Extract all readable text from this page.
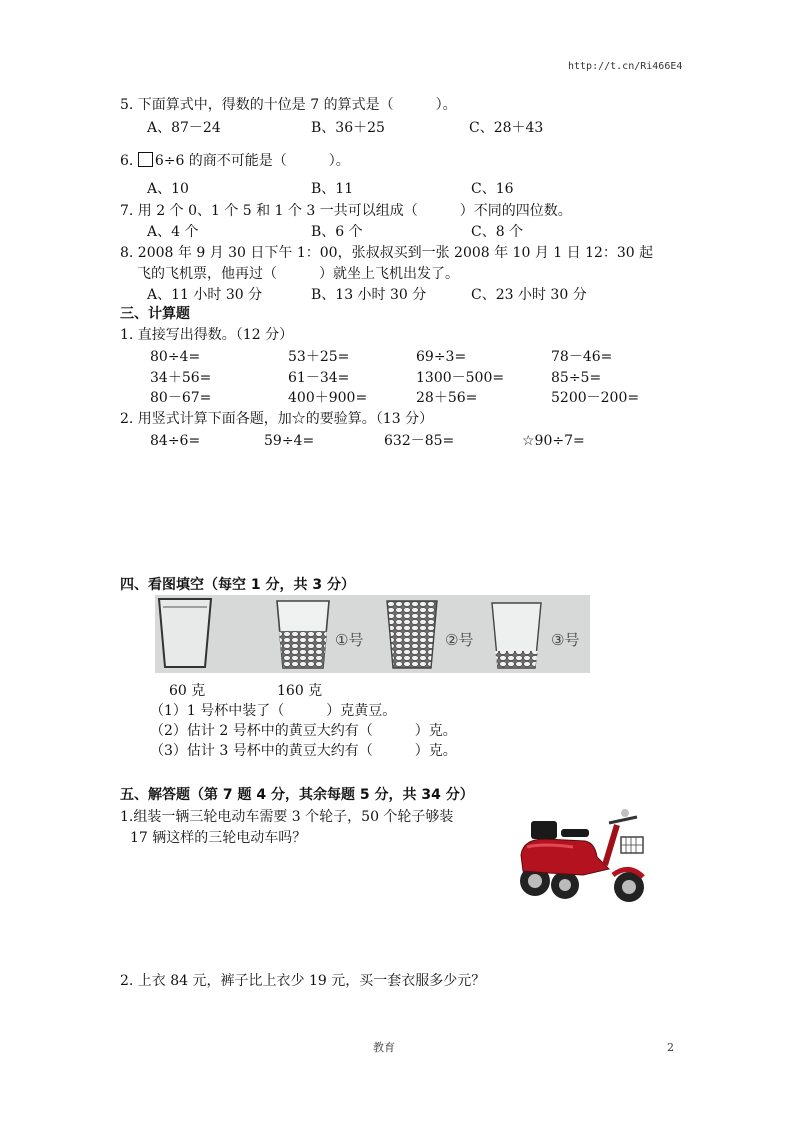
http://t.cn/Ri466E4
5. 下面算式中，得数的十位是 7 的算式是（　　　）。
A、87－24	B、36＋25	C、28＋43
6. 6÷6 的商不可能是（　　　）。
A、10	B、11	C、16
7. 用 2 个 0、1 个 5 和 1 个 3 一共可以组成（　　　）不同的四位数。
A、4 个	B、6 个	C、8 个
8. 2008 年 9 月 30 日下午 1：00，张叔叔买到一张 2008 年 10 月 1 日 12：30 起
飞的飞机票，他再过（　　　）就坐上飞机出发了。
A、11 小时 30 分	B、13 小时 30 分	C、23 小时 30 分
三、计算题
1. 直接写出得数。（12 分）
80÷4=	53＋25=	69÷3=	78－46=
34＋56=	61－34=	1300－500=	85÷5=
80－67=	400＋900=	28＋56=	5200－200=
2. 用竖式计算下面各题，加☆的要验算。（13 分）
84÷6=	59÷4=	632－85=	☆90÷7=
四、看图填空（每空 1 分，共 3 分）
①号	②号	③号
60 克	160 克
（1）1 号杯中装了（　　　）克黄豆。
（2）估计 2 号杯中的黄豆大约有（　　　）克。
（3）估计 3 号杯中的黄豆大约有（　　　）克。
五、解答题（第 7 题 4 分，其余每题 5 分，共 34 分）
1.组装一辆三轮电动车需要 3 个轮子，50 个轮子够装
17 辆这样的三轮电动车吗？
2. 上衣 84 元，裤子比上衣少 19 元，买一套衣服多少元？
教育	2
